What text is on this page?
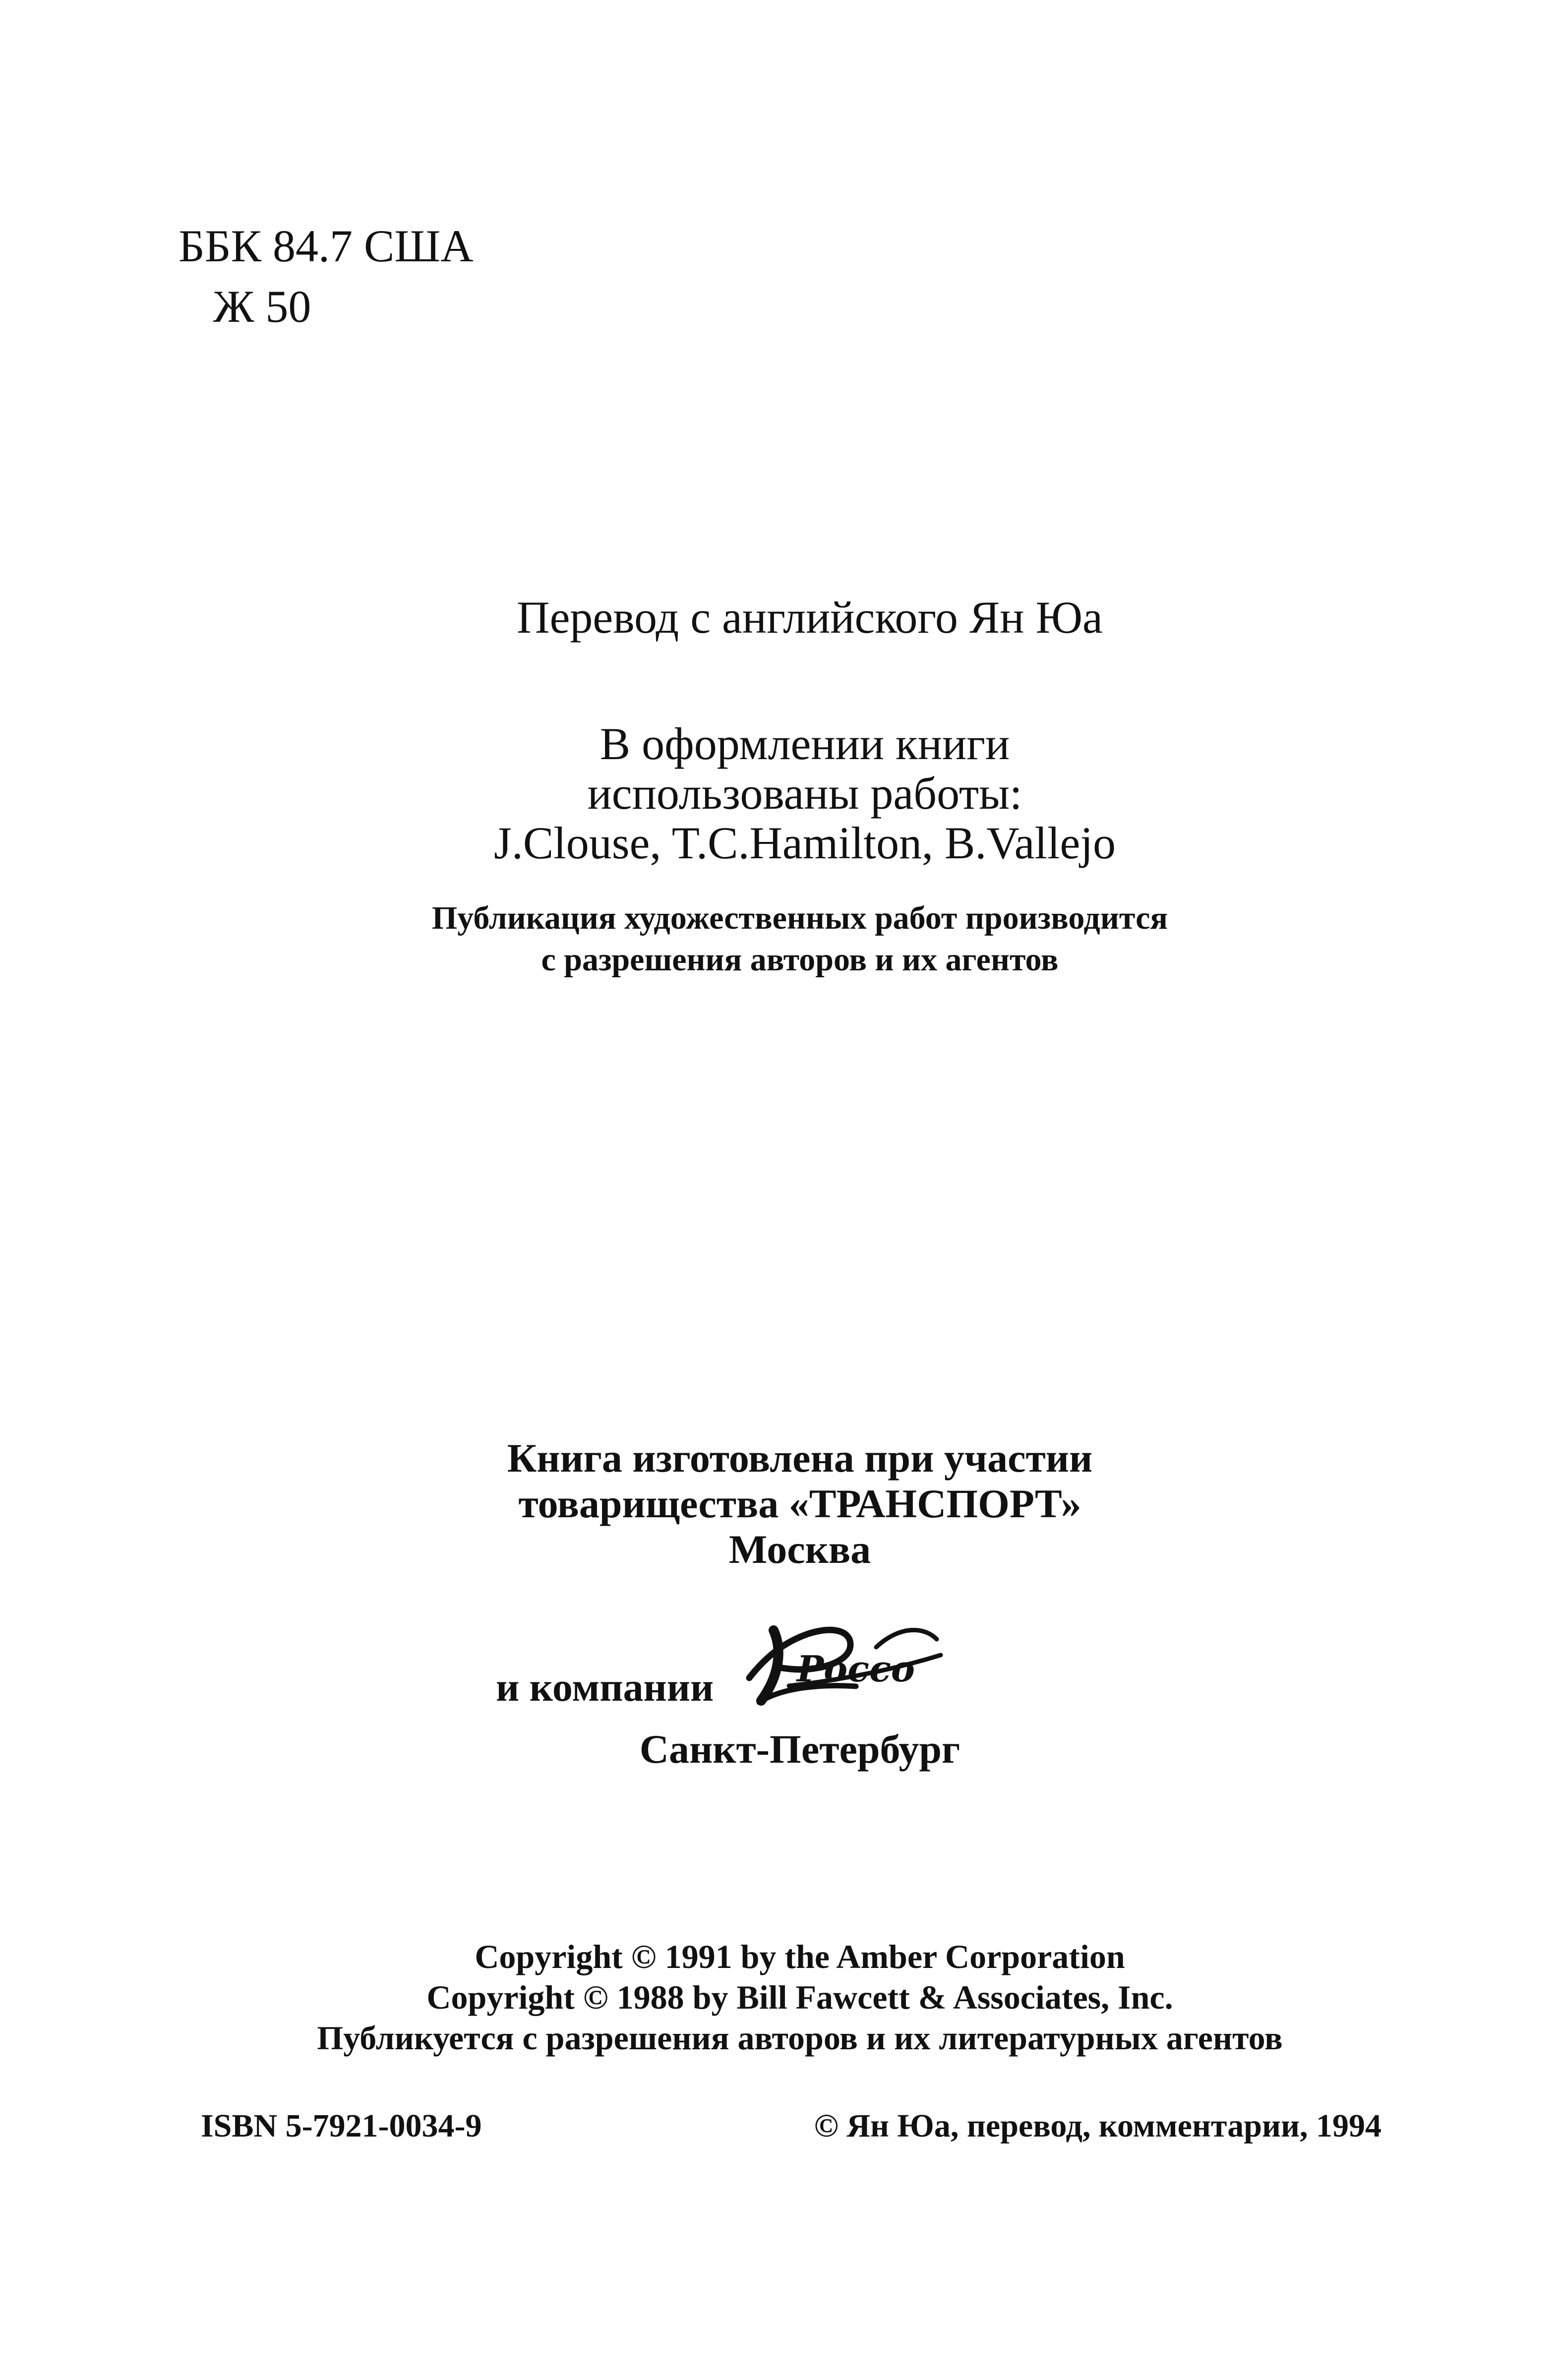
ББК 84.7 США
Ж 50
Перевод с английского Ян Юа
В оформлении книги
использованы работы:
J.Clouse, T.C.Hamilton, B.Vallejo
Публикация художественных работ производится
с разрешения авторов и их агентов
Книга изготовлена при участии
товарищества «ТРАНСПОРТ»
Москва
и компании Россо
Санкт-Петербург
Copyright © 1991 by the Amber Corporation
Copyright © 1988 by Bill Fawcett & Associates, Inc.
Публикуется с разрешения авторов и их литературных агентов
ISBN 5-7921-0034-9	© Ян Юа, перевод, комментарии, 1994
